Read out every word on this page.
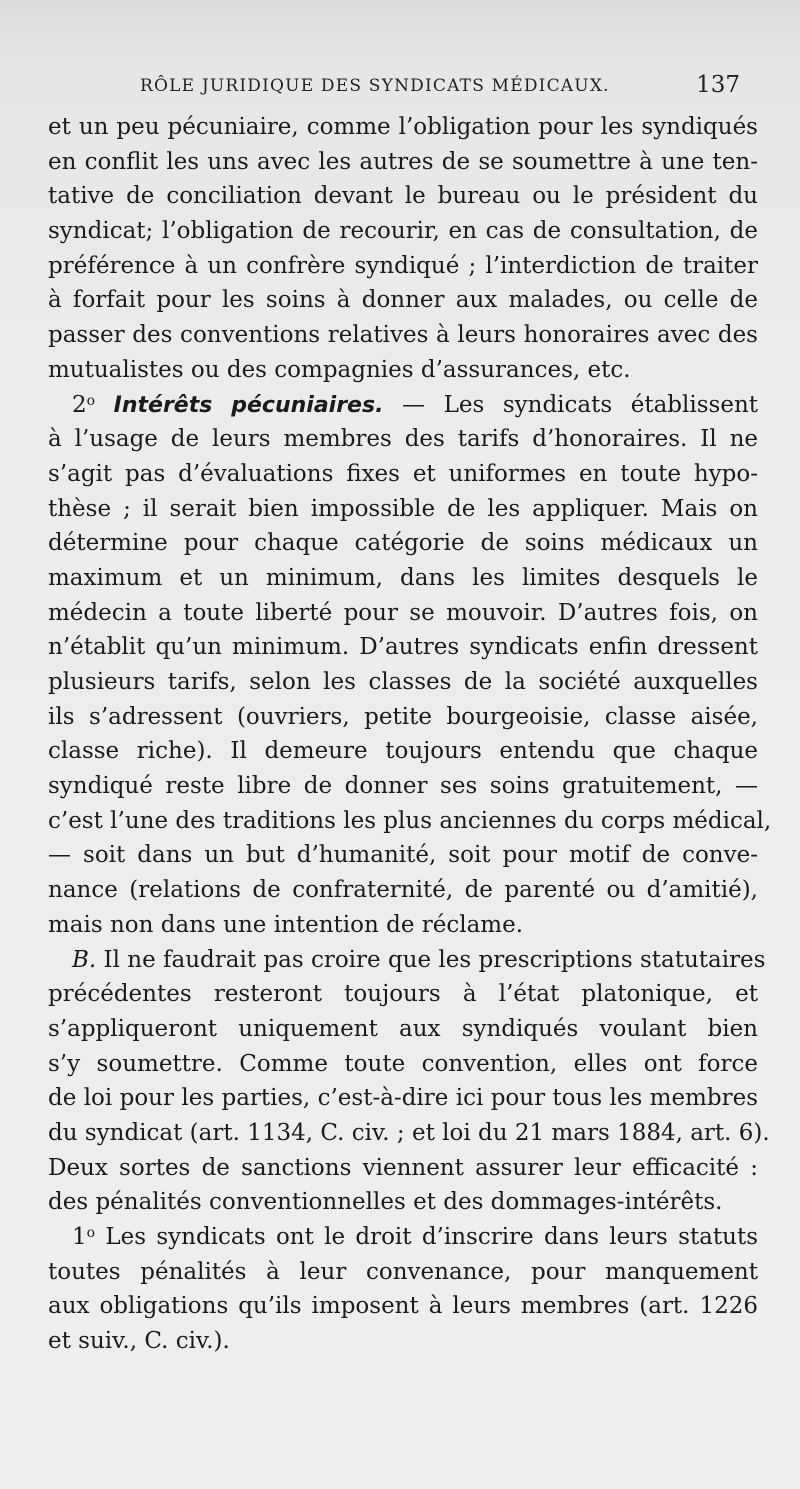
RÔLE JURIDIQUE DES SYNDICATS MÉDICAUX.	137
et un peu pécuniaire, comme l’obligation pour les syndiqués
en conflit les uns avec les autres de se soumettre à une ten-
tative de conciliation devant le bureau ou le président du
syndicat; l’obligation de recourir, en cas de consultation, de
préférence à un confrère syndiqué ; l’interdiction de traiter
à forfait pour les soins à donner aux malades, ou celle de
passer des conventions relatives à leurs honoraires avec des
mutualistes ou des compagnies d’assurances, etc.
2$^o$ Intérêts pécuniaires. — Les syndicats établissent
à l’usage de leurs membres des tarifs d’honoraires. Il ne
s’agit pas d’évaluations fixes et uniformes en toute hypo-
thèse ; il serait bien impossible de les appliquer. Mais on
détermine pour chaque catégorie de soins médicaux un
maximum et un minimum, dans les limites desquels le
médecin a toute liberté pour se mouvoir. D’autres fois, on
n’établit qu’un minimum. D’autres syndicats enfin dressent
plusieurs tarifs, selon les classes de la société auxquelles
ils s’adressent (ouvriers, petite bourgeoisie, classe aisée,
classe riche). Il demeure toujours entendu que chaque
syndiqué reste libre de donner ses soins gratuitement, —
c’est l’une des traditions les plus anciennes du corps médical,
— soit dans un but d’humanité, soit pour motif de conve-
nance (relations de confraternité, de parenté ou d’amitié),
mais non dans une intention de réclame.
B. Il ne faudrait pas croire que les prescriptions statutaires
précédentes resteront toujours à l’état platonique, et
s’appliqueront uniquement aux syndiqués voulant bien
s’y soumettre. Comme toute convention, elles ont force
de loi pour les parties, c’est-à-dire ici pour tous les membres
du syndicat (art. 1134, C. civ. ; et loi du 21 mars 1884, art. 6).
Deux sortes de sanctions viennent assurer leur efficacité :
des pénalités conventionnelles et des dommages-intérêts.
1$^o$ Les syndicats ont le droit d’inscrire dans leurs statuts
toutes pénalités à leur convenance, pour manquement
aux obligations qu’ils imposent à leurs membres (art. 1226
et suiv., C. civ.).
